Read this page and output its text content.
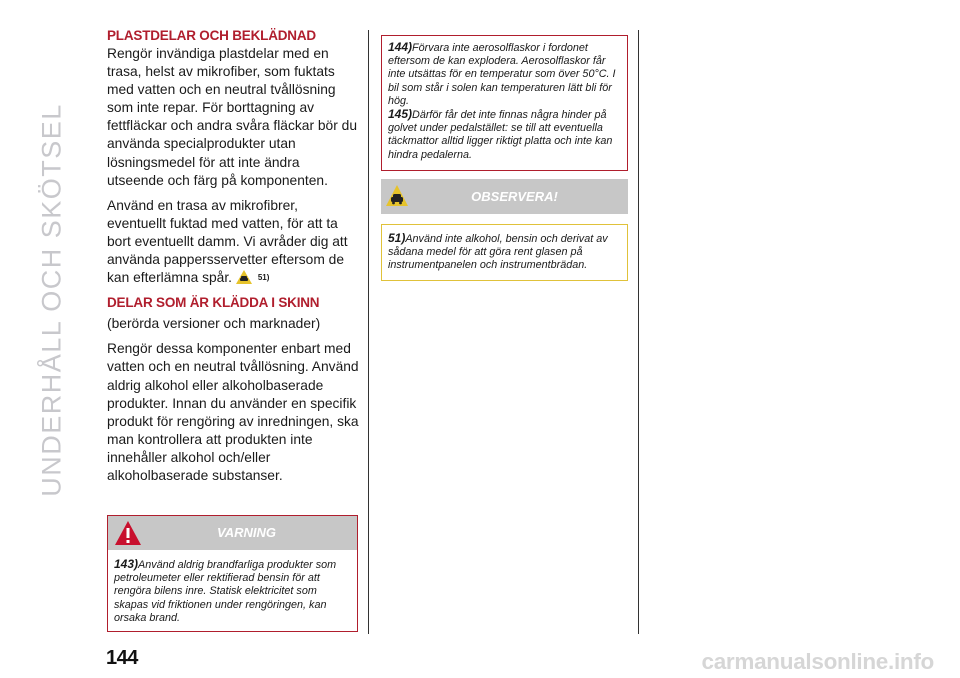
UNDERHÅLL OCH SKÖTSEL
PLASTDELAR OCH BEKLÄDNAD

Rengör invändiga plastdelar med en trasa, helst av mikrofiber, som fuktats med vatten och en neutral tvållösning som inte repar. För borttagning av fettfläckar och andra svåra fläckar bör du använda specialprodukter utan lösningsmedel för att inte ändra utseende och färg på komponenten.

Använd en trasa av mikrofibrer, eventuellt fuktad med vatten, för att ta bort eventuellt damm. Vi avråder dig att använda pappersservetter eftersom de kan efterlämna spår.	$^{51)}$

DELAR SOM ÄR KLÄDDA I SKINN

(berörda versioner och marknader)

Rengör dessa komponenter enbart med vatten och en neutral tvållösning. Använd aldrig alkohol eller alkoholbaserade produkter. Innan du använder en specifik produkt för rengöring av inredningen, ska man kontrollera att produkten inte innehåller alkohol och/eller alkoholbaserade substanser.

VARNING

143)Använd aldrig brandfarliga produkter som petroleumeter eller rektifierad bensin för att rengöra bilens inre. Statisk elektricitet som skapas vid friktionen under rengöringen, kan orsaka brand.

144)Förvara inte aerosolflaskor i fordonet eftersom de kan explodera. Aerosolflaskor får inte utsättas för en temperatur som över 50°C. I bil som står i solen kan temperaturen lätt bli för hög.

145)Därför får det inte finnas några hinder på golvet under pedalstället: se till att eventuella täckmattor alltid ligger riktigt platta och inte kan hindra pedalerna.

OBSERVERA!

51)Använd inte alkohol, bensin och derivat av sådana medel för att göra rent glasen på instrumentpanelen och instrumentbrädan.

144	carmanualsonline.info
